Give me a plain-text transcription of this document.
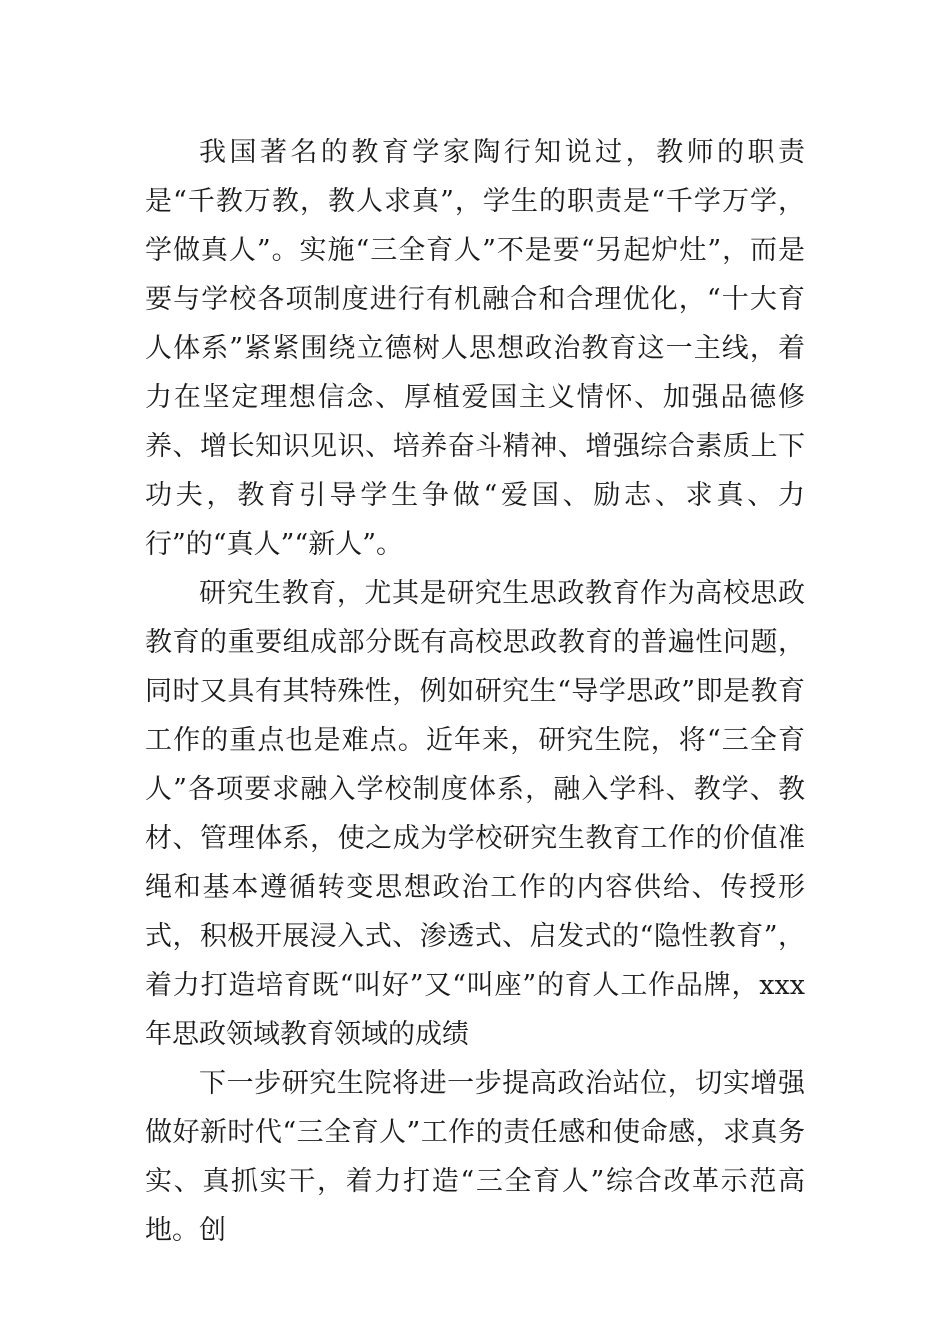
我国著名的教育学家陶行知说过，教师的职责是“千教万教，教人求真”，学生的职责是“千学万学，学做真人”。实施“三全育人”不是要“另起炉灶”，而是要与学校各项制度进行有机融合和合理优化，“十大育人体系”紧紧围绕立德树人思想政治教育这一主线，着力在坚定理想信念、厚植爱国主义情怀、加强品德修养、增长知识见识、培养奋斗精神、增强综合素质上下功夫，教育引导学生争做“爱国、励志、求真、力行”的“真人”“新人”。

研究生教育，尤其是研究生思政教育作为高校思政教育的重要组成部分既有高校思政教育的普遍性问题，同时又具有其特殊性，例如研究生“导学思政”即是教育工作的重点也是难点。近年来，研究生院，将“三全育人”各项要求融入学校制度体系，融入学科、教学、教材、管理体系，使之成为学校研究生教育工作的价值准绳和基本遵循转变思想政治工作的内容供给、传授形式，积极开展浸入式、渗透式、启发式的“隐性教育”，着力打造培育既“叫好”又“叫座”的育人工作品牌，xxx年思政领域教育领域的成绩

下一步研究生院将进一步提高政治站位，切实增强做好新时代“三全育人”工作的责任感和使命感，求真务实、真抓实干，着力打造“三全育人”综合改革示范高地。创
